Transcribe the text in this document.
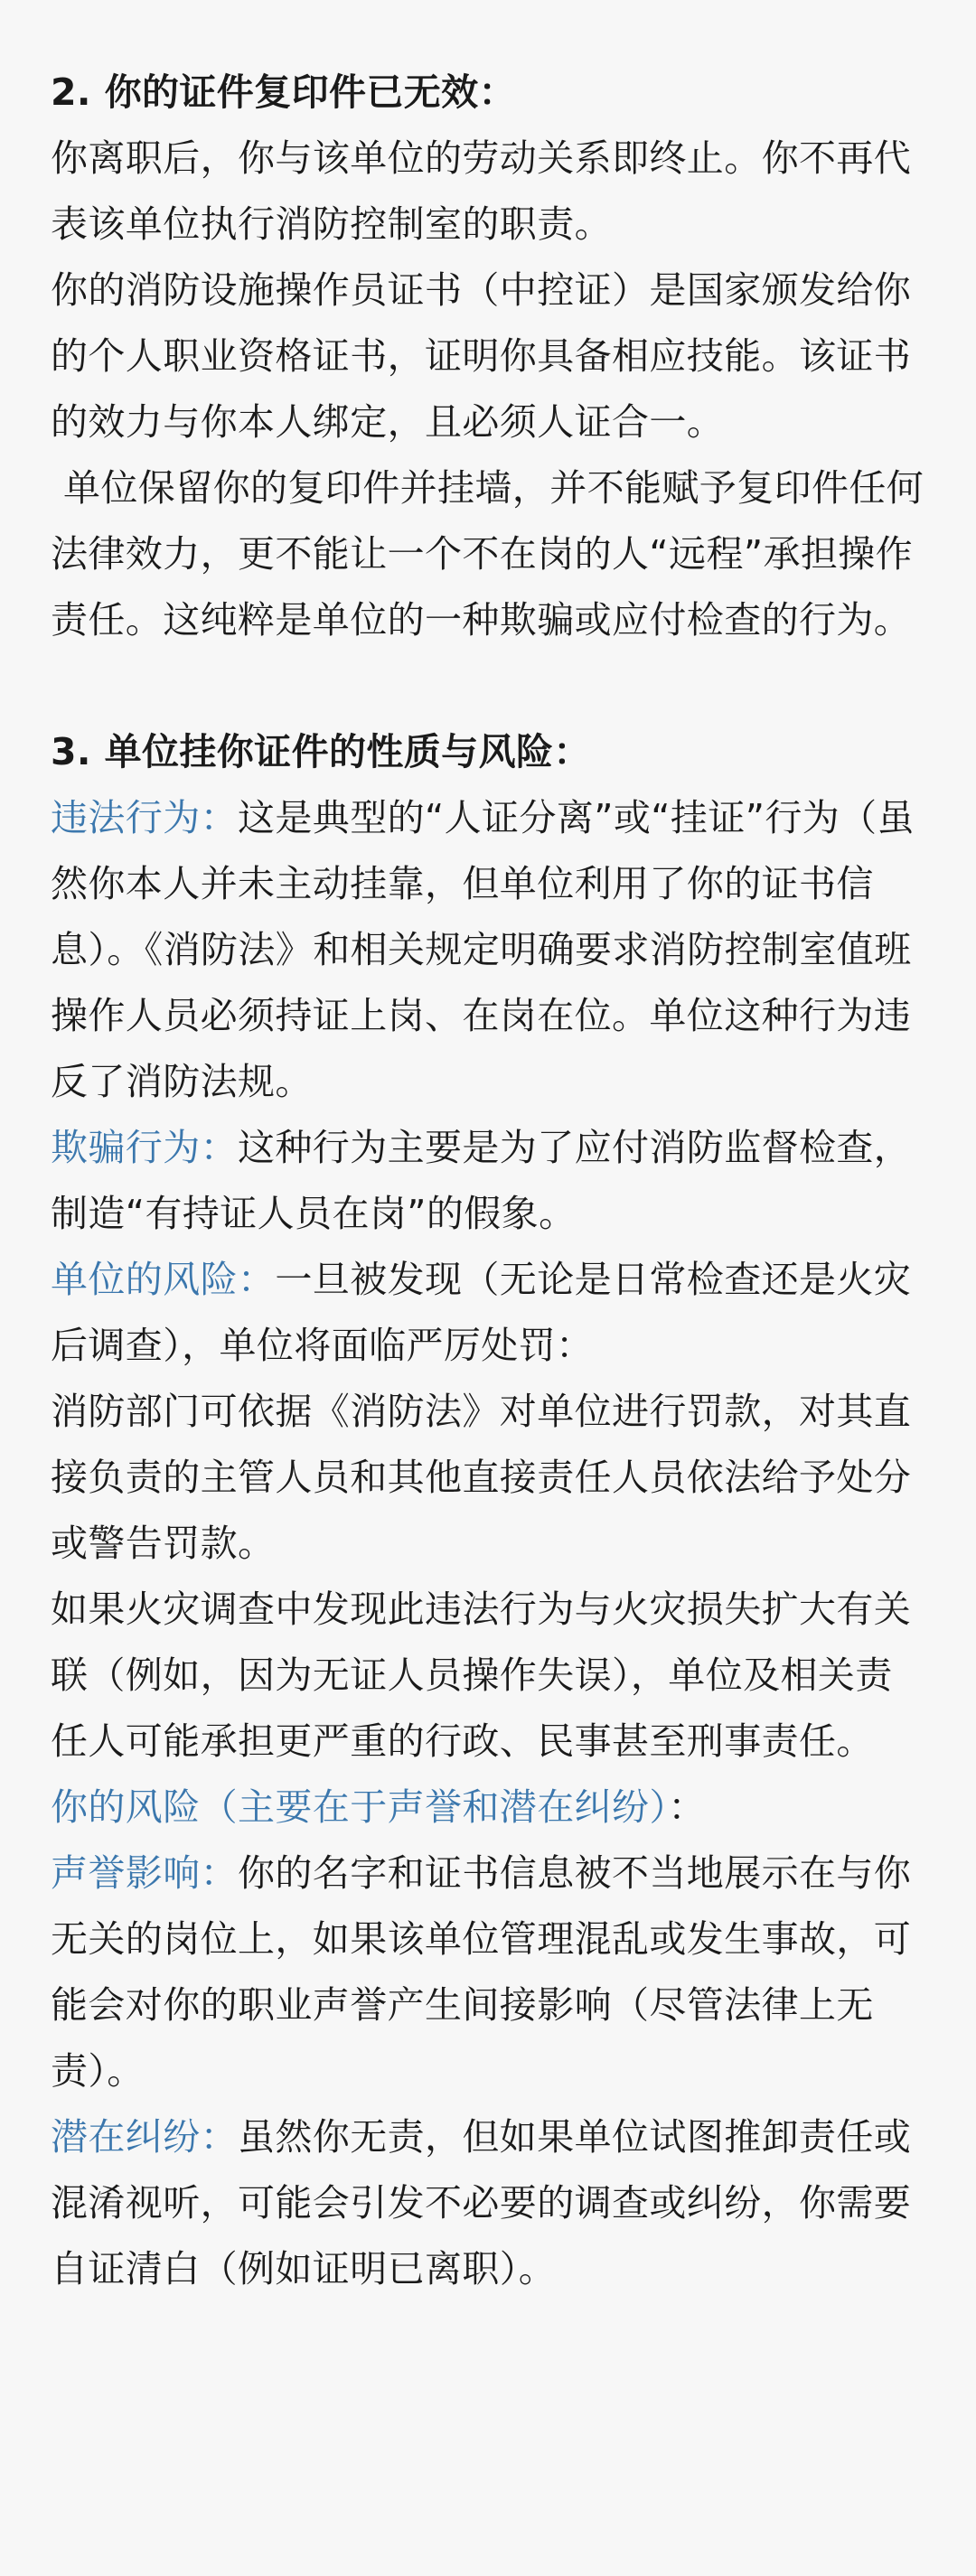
2. 你的证件复印件已无效：

你离职后，你与该单位的劳动关系即终止。你不再代表该单位执行消防控制室的职责。

你的消防设施操作员证书（中控证）是国家颁发给你的个人职业资格证书，证明你具备相应技能。该证书的效力与你本人绑定，且必须人证合一。

单位保留你的复印件并挂墙，并不能赋予复印件任何法律效力，更不能让一个不在岗的人“远程”承担操作责任。这纯粹是单位的一种欺骗或应付检查的行为。

3. 单位挂你证件的性质与风险：

违法行为：这是典型的“人证分离”或“挂证”行为（虽然你本人并未主动挂靠，但单位利用了你的证书信息）。《消防法》和相关规定明确要求消防控制室值班操作人员必须持证上岗、在岗在位。单位这种行为违反了消防法规。

欺骗行为：这种行为主要是为了应付消防监督检查，制造“有持证人员在岗”的假象。

单位的风险：一旦被发现（无论是日常检查还是火灾后调查），单位将面临严厉处罚：

消防部门可依据《消防法》对单位进行罚款，对其直接负责的主管人员和其他直接责任人员依法给予处分或警告罚款。

如果火灾调查中发现此违法行为与火灾损失扩大有关联（例如，因为无证人员操作失误），单位及相关责任人可能承担更严重的行政、民事甚至刑事责任。

你的风险（主要在于声誉和潜在纠纷）：

声誉影响：你的名字和证书信息被不当地展示在与你无关的岗位上，如果该单位管理混乱或发生事故，可能会对你的职业声誉产生间接影响（尽管法律上无责）。

潜在纠纷：虽然你无责，但如果单位试图推卸责任或混淆视听，可能会引发不必要的调查或纠纷，你需要自证清白（例如证明已离职）。
